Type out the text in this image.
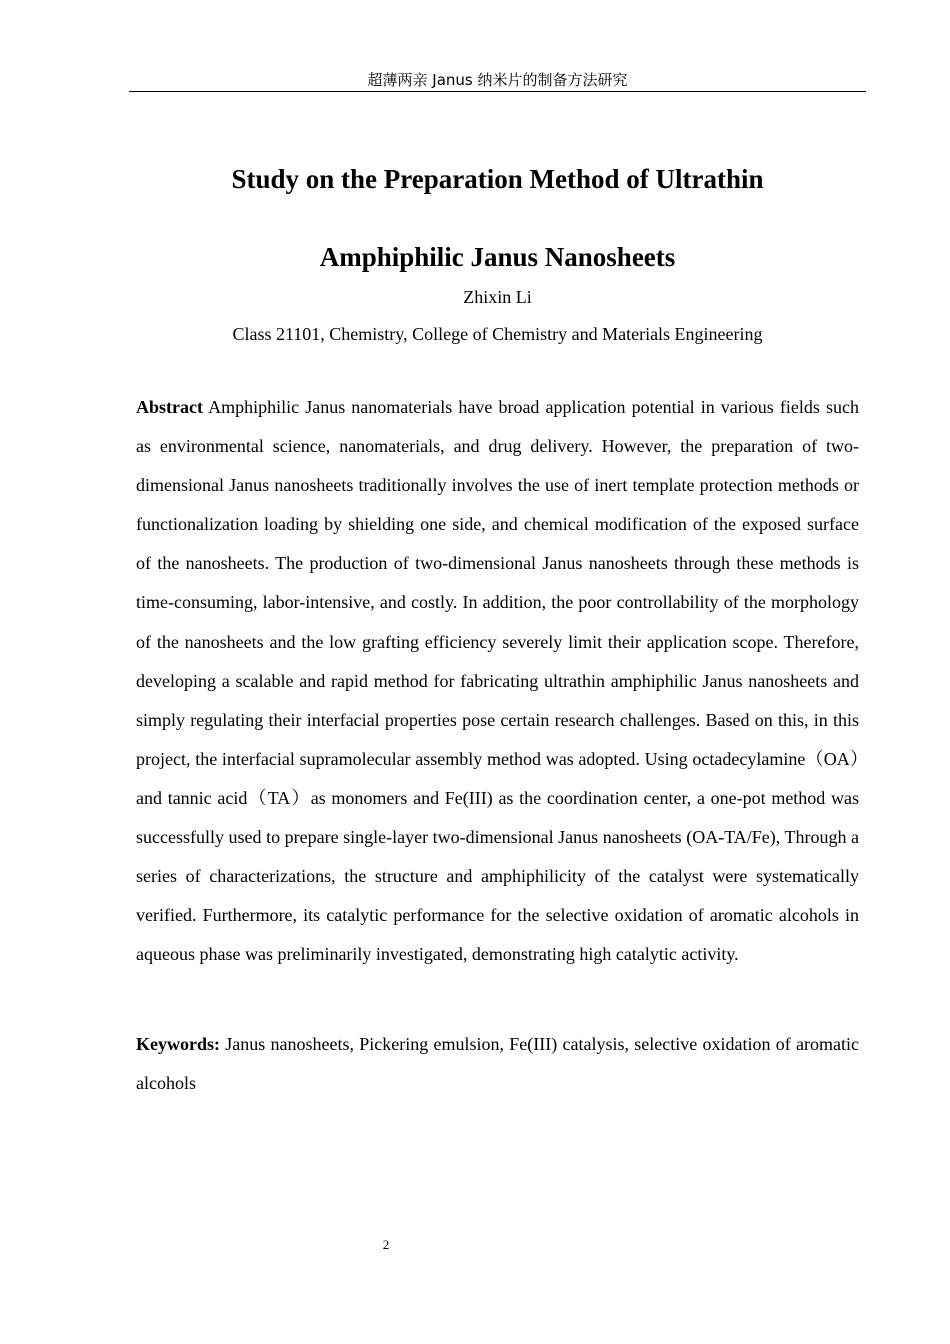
超薄两亲 Janus 纳米片的制备方法研究
Study on the Preparation Method of Ultrathin
Amphiphilic Janus Nanosheets
Zhixin Li
Class 21101, Chemistry, College of Chemistry and Materials Engineering

Abstract Amphiphilic Janus nanomaterials have broad application potential in various fields such as environmental science, nanomaterials, and drug delivery. However, the preparation of two-dimensional Janus nanosheets traditionally involves the use of inert template protection methods or functionalization loading by shielding one side, and chemical modification of the exposed surface of the nanosheets. The production of two-dimensional Janus nanosheets through these methods is time-consuming, labor-intensive, and costly. In addition, the poor controllability of the morphology of the nanosheets and the low grafting efficiency severely limit their application scope. Therefore, developing a scalable and rapid method for fabricating ultrathin amphiphilic Janus nanosheets and simply regulating their interfacial properties pose certain research challenges. Based on this, in this project, the interfacial supramolecular assembly method was adopted. Using octadecylamine（OA）and tannic acid（TA）as monomers and Fe(III) as the coordination center, a one-pot method was successfully used to prepare single-layer two-dimensional Janus nanosheets (OA-TA/Fe), Through a series of characterizations, the structure and amphiphilicity of the catalyst were systematically verified. Furthermore, its catalytic performance for the selective oxidation of aromatic alcohols in aqueous phase was preliminarily investigated, demonstrating high catalytic activity.

Keywords: Janus nanosheets, Pickering emulsion, Fe(III) catalysis, selective oxidation of aromatic alcohols

2
